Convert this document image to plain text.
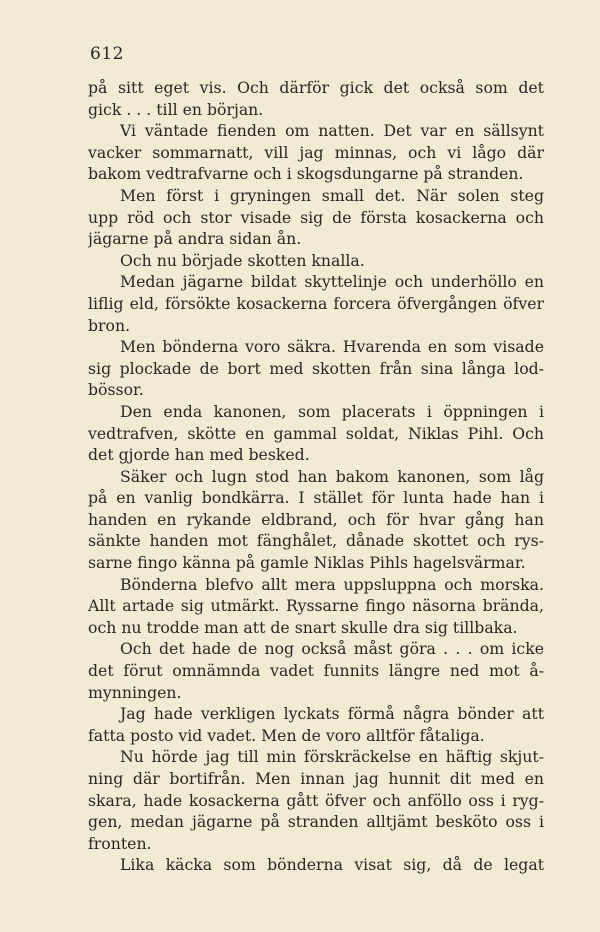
612
på sitt eget vis. Och därför gick det också som det
gick . . . till en början.
Vi väntade fienden om natten. Det var en sällsynt
vacker sommarnatt, vill jag minnas, och vi lågo där
bakom vedtrafvarne och i skogsdungarne på stranden.
Men först i gryningen small det. När solen steg
upp röd och stor visade sig de första kosackerna och
jägarne på andra sidan ån.
Och nu började skotten knalla.
Medan jägarne bildat skyttelinje och underhöllo en
liflig eld, försökte kosackerna forcera öfvergången öfver
bron.
Men bönderna voro säkra. Hvarenda en som visade
sig plockade de bort med skotten från sina långa lod-
bössor.
Den enda kanonen, som placerats i öppningen i
vedtrafven, skötte en gammal soldat, Niklas Pihl. Och
det gjorde han med besked.
Säker och lugn stod han bakom kanonen, som låg
på en vanlig bondkärra. I stället för lunta hade han i
handen en rykande eldbrand, och för hvar gång han
sänkte handen mot fänghålet, dånade skottet och rys-
sarne fingo känna på gamle Niklas Pihls hagelsvärmar.
Bönderna blefvo allt mera uppsluppna och morska.
Allt artade sig utmärkt. Ryssarne fingo näsorna brända,
och nu trodde man att de snart skulle dra sig tillbaka.
Och det hade de nog också måst göra . . . om icke
det förut omnämnda vadet funnits längre ned mot å-
mynningen.
Jag hade verkligen lyckats förmå några bönder att
fatta posto vid vadet. Men de voro alltför fåtaliga.
Nu hörde jag till min förskräckelse en häftig skjut-
ning där bortifrån. Men innan jag hunnit dit med en
skara, hade kosackerna gått öfver och anföllo oss i ryg-
gen, medan jägarne på stranden alltjämt besköto oss i
fronten.
Lika käcka som bönderna visat sig, då de legat
